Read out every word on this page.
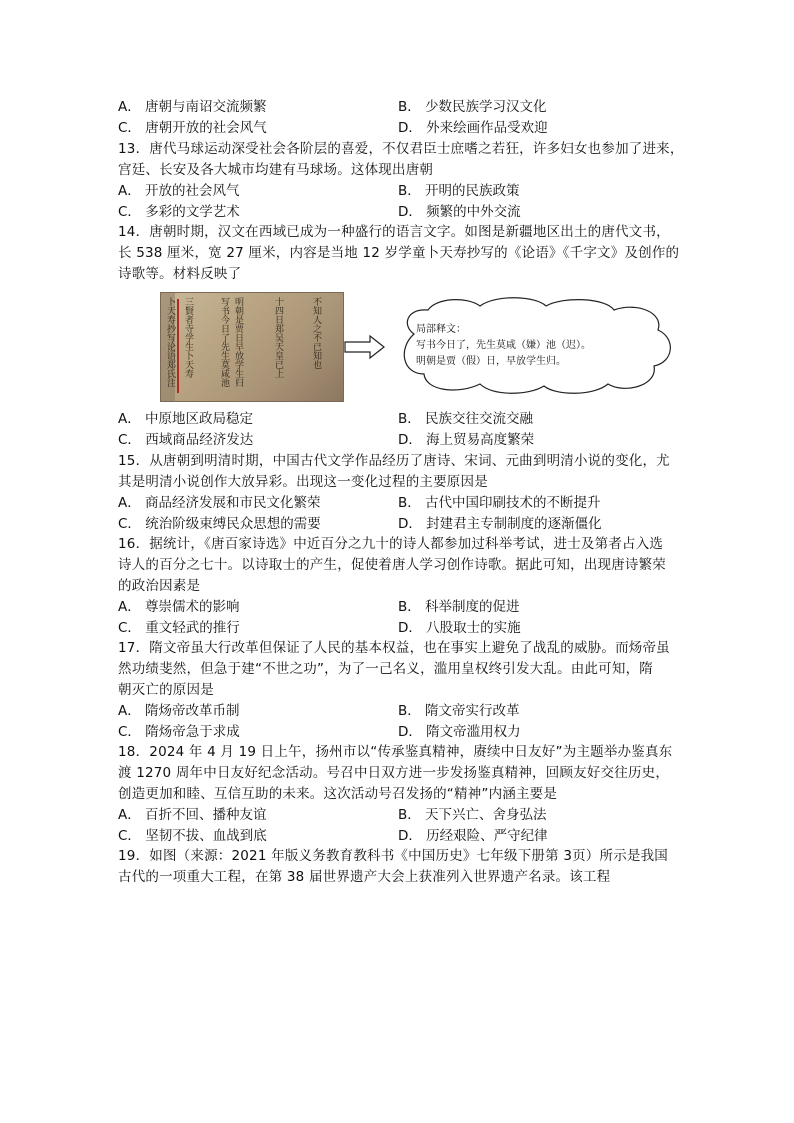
A． 唐朝与南诏交流频繁	B． 少数民族学习汉文化
C． 唐朝开放的社会风气	D． 外来绘画作品受欢迎
13．唐代马球运动深受社会各阶层的喜爱，不仅君臣士庶嗜之若狂，许多妇女也参加了进来，
宫廷、长安及各大城市均建有马球场。这体现出唐朝
A． 开放的社会风气	B． 开明的民族政策
C． 多彩的文学艺术	D． 频繁的中外交流
14．唐朝时期，汉文在西域已成为一种盛行的语言文字。如图是新疆地区出土的唐代文书，
长 538 厘米，宽 27 厘米，内容是当地 12 岁学童卜天寿抄写的《论语》《千字文》及创作的
诗歌等。材料反映了
卜天寿抄写论语郑氏注 三賢者寺学生卜天寿	写书今日了先生莫咸池 明朝是贾日早放学生归	十四日郑吴天皇已上	不知人之不已知也	局部释文：
写书今日了，先生莫咸（嫌）池（迟）。
明朝是贾（假）日，早放学生归。
A． 中原地区政局稳定	B． 民族交往交流交融
C． 西域商品经济发达	D． 海上贸易高度繁荣
15．从唐朝到明清时期，中国古代文学作品经历了唐诗、宋词、元曲到明清小说的变化，尤
其是明清小说创作大放异彩。出现这一变化过程的主要原因是
A． 商品经济发展和市民文化繁荣	B． 古代中国印刷技术的不断提升
C． 统治阶级束缚民众思想的需要	D． 封建君主专制制度的逐渐僵化
16．据统计，《唐百家诗选》中近百分之九十的诗人都参加过科举考试，进士及第者占入选
诗人的百分之七十。以诗取士的产生，促使着唐人学习创作诗歌。据此可知，出现唐诗繁荣
的政治因素是
A． 尊崇儒术的影响	B． 科举制度的促进
C． 重文轻武的推行	D． 八股取士的实施
17．隋文帝虽大行改革但保证了人民的基本权益，也在事实上避免了战乱的威胁。而炀帝虽
然功绩斐然，但急于建“不世之功”，为了一己名义，滥用皇权终引发大乱。由此可知，隋
朝灭亡的原因是
A． 隋炀帝改革币制	B． 隋文帝实行改革
C． 隋炀帝急于求成	D． 隋文帝滥用权力
18．2024 年 4 月 19 日上午，扬州市以“传承鉴真精神，赓续中日友好”为主题举办鉴真东
渡 1270 周年中日友好纪念活动。号召中日双方进一步发扬鉴真精神，回顾友好交往历史，
创造更加和睦、互信互助的未来。这次活动号召发扬的“精神”内涵主要是
A． 百折不回、播种友谊	B． 天下兴亡、舍身弘法
C． 坚韧不拔、血战到底	D． 历经艰险、严守纪律
19．如图（来源：2021 年版义务教育教科书《中国历史》七年级下册第 3页）所示是我国
古代的一项重大工程，在第 38 届世界遗产大会上获准列入世界遗产名录。该工程
